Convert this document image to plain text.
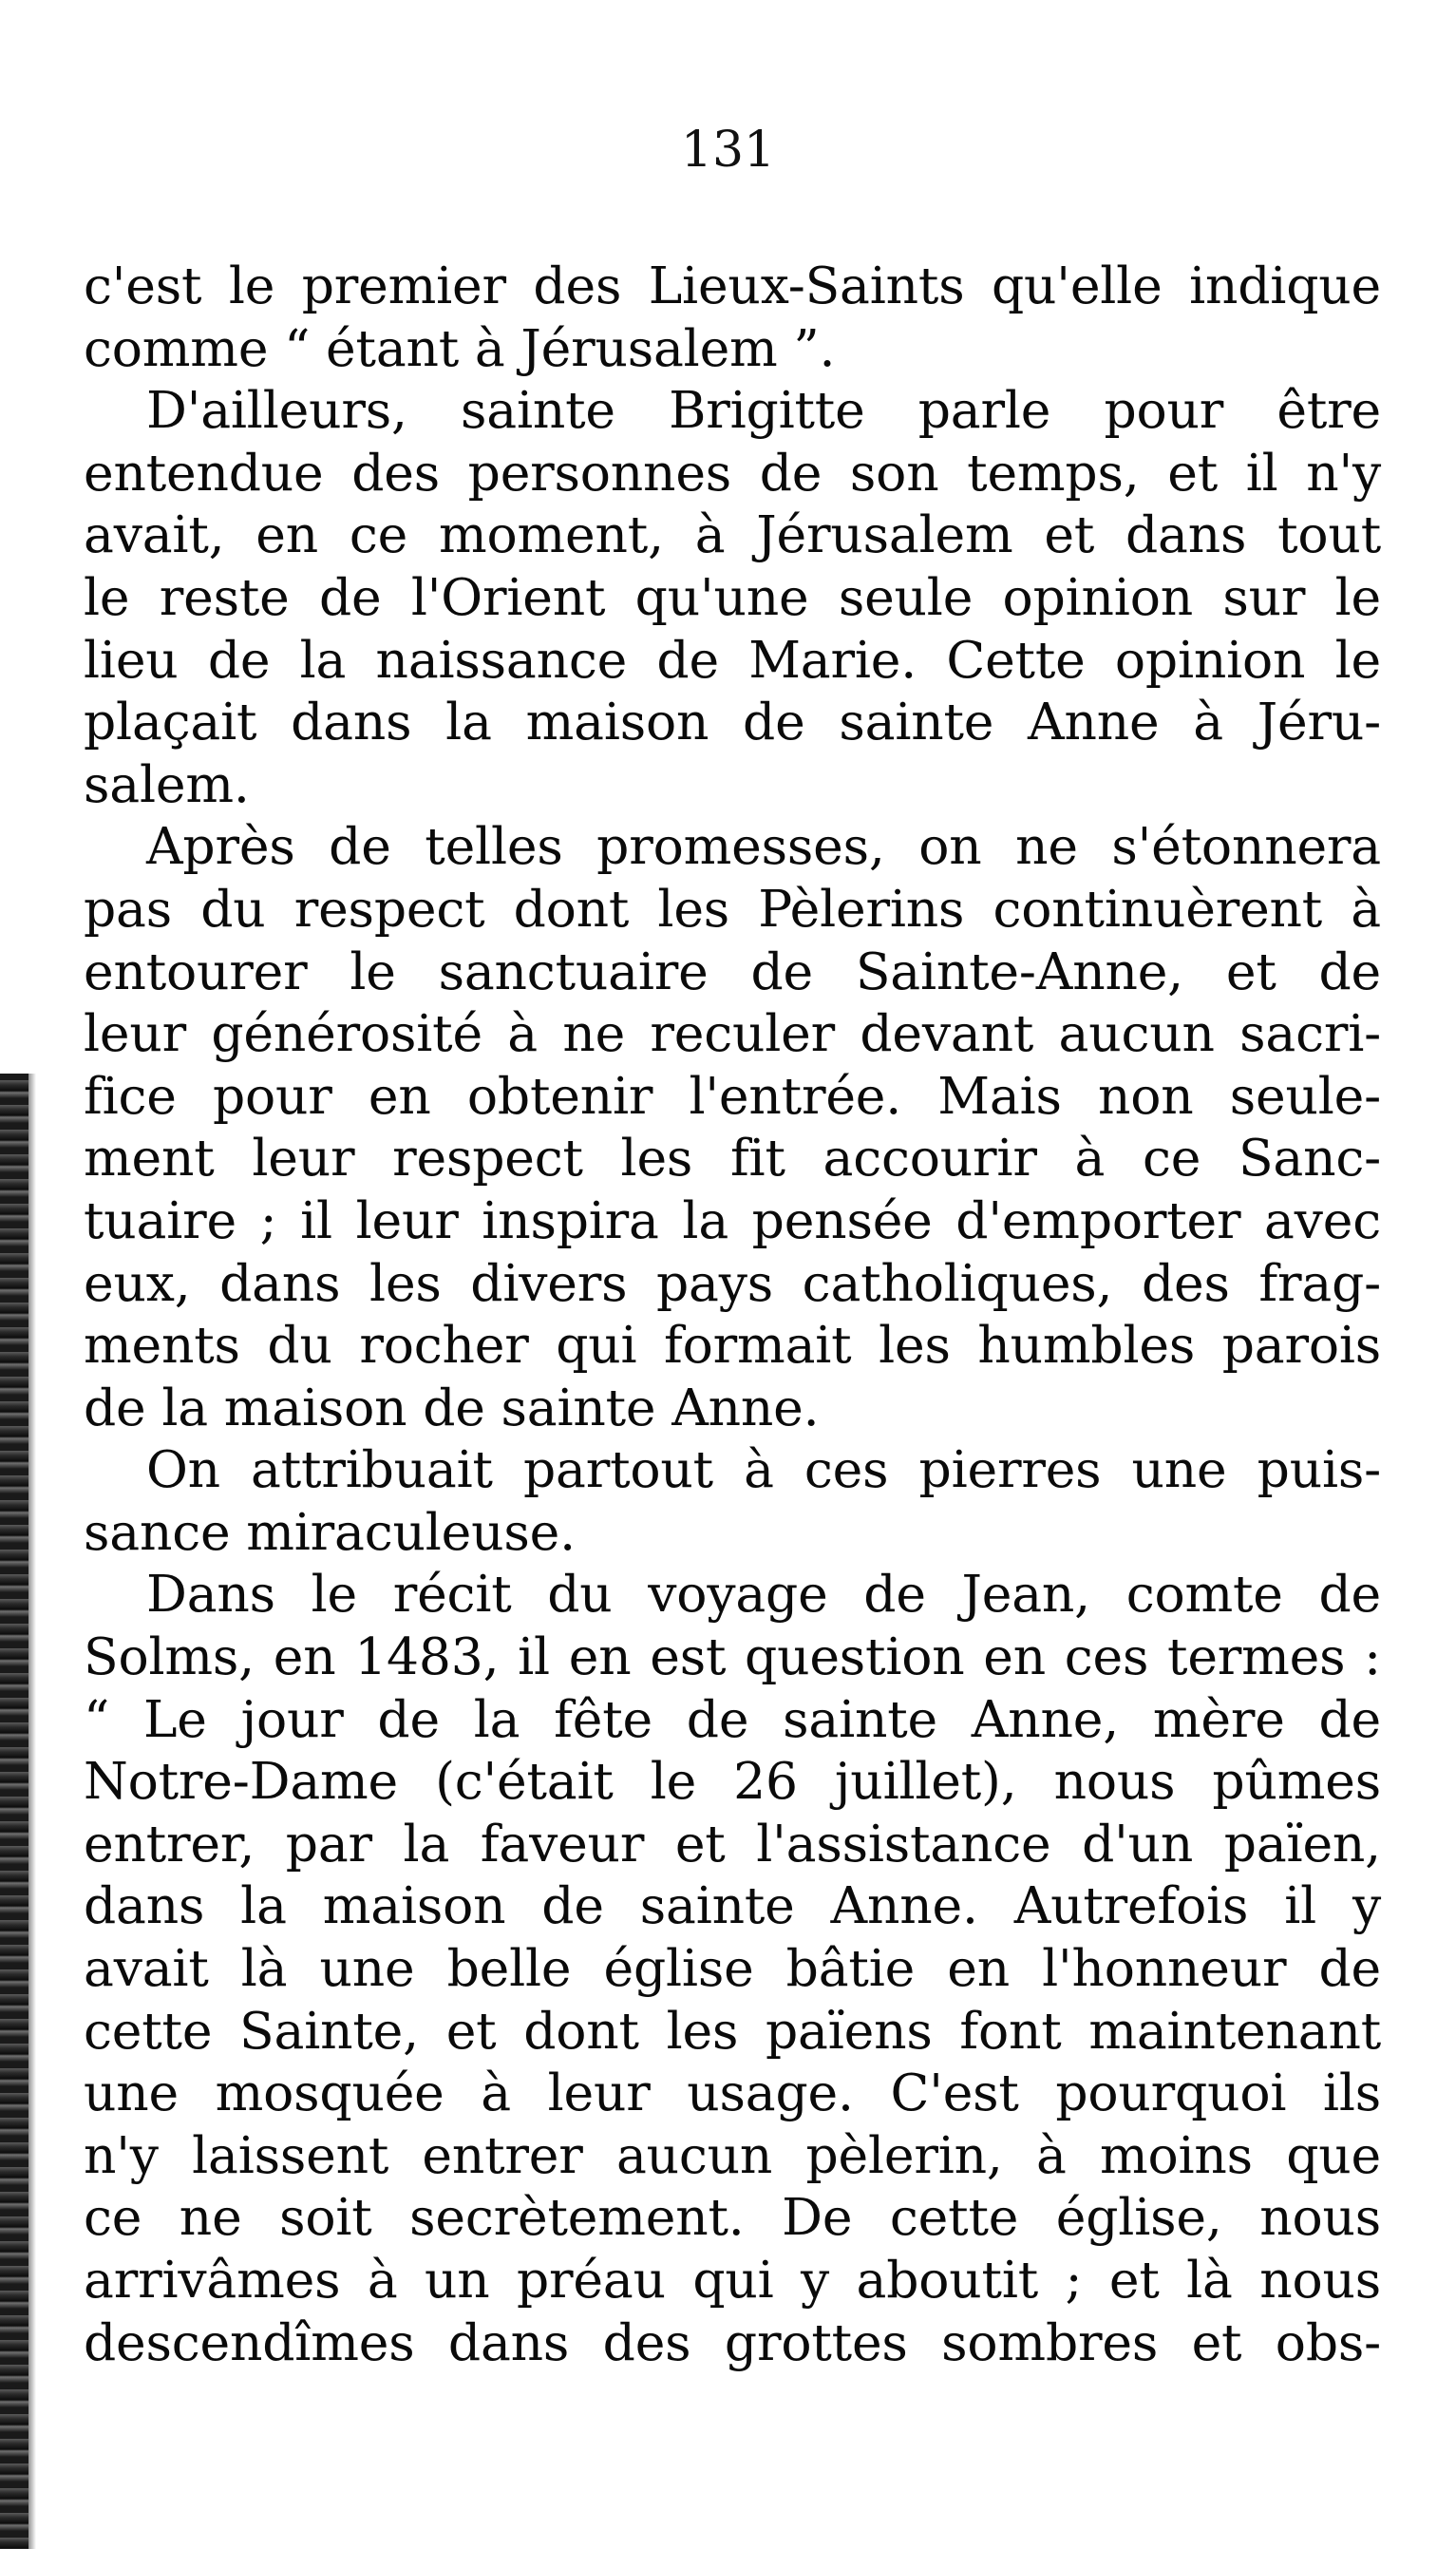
131
c'est le premier des Lieux-Saints qu'elle indique
comme “ étant à Jérusalem ”.
D'ailleurs, sainte Brigitte parle pour être
entendue des personnes de son temps, et il n'y
avait, en ce moment, à Jérusalem et dans tout
le reste de l'Orient qu'une seule opinion sur le
lieu de la naissance de Marie. Cette opinion le
plaçait dans la maison de sainte Anne à Jéru-
salem.
Après de telles promesses, on ne s'étonnera
pas du respect dont les Pèlerins continuèrent à
entourer le sanctuaire de Sainte-Anne, et de
leur générosité à ne reculer devant aucun sacri-
fice pour en obtenir l'entrée. Mais non seule-
ment leur respect les fit accourir à ce Sanc-
tuaire ; il leur inspira la pensée d'emporter avec
eux, dans les divers pays catholiques, des frag-
ments du rocher qui formait les humbles parois
de la maison de sainte Anne.
On attribuait partout à ces pierres une puis-
sance miraculeuse.
Dans le récit du voyage de Jean, comte de
Solms, en 1483, il en est question en ces termes :
“ Le jour de la fête de sainte Anne, mère de
Notre-Dame (c'était le 26 juillet), nous pûmes
entrer, par la faveur et l'assistance d'un païen,
dans la maison de sainte Anne. Autrefois il y
avait là une belle église bâtie en l'honneur de
cette Sainte, et dont les païens font maintenant
une mosquée à leur usage. C'est pourquoi ils
n'y laissent entrer aucun pèlerin, à moins que
ce ne soit secrètement. De cette église, nous
arrivâmes à un préau qui y aboutit ; et là nous
descendîmes dans des grottes sombres et obs-
